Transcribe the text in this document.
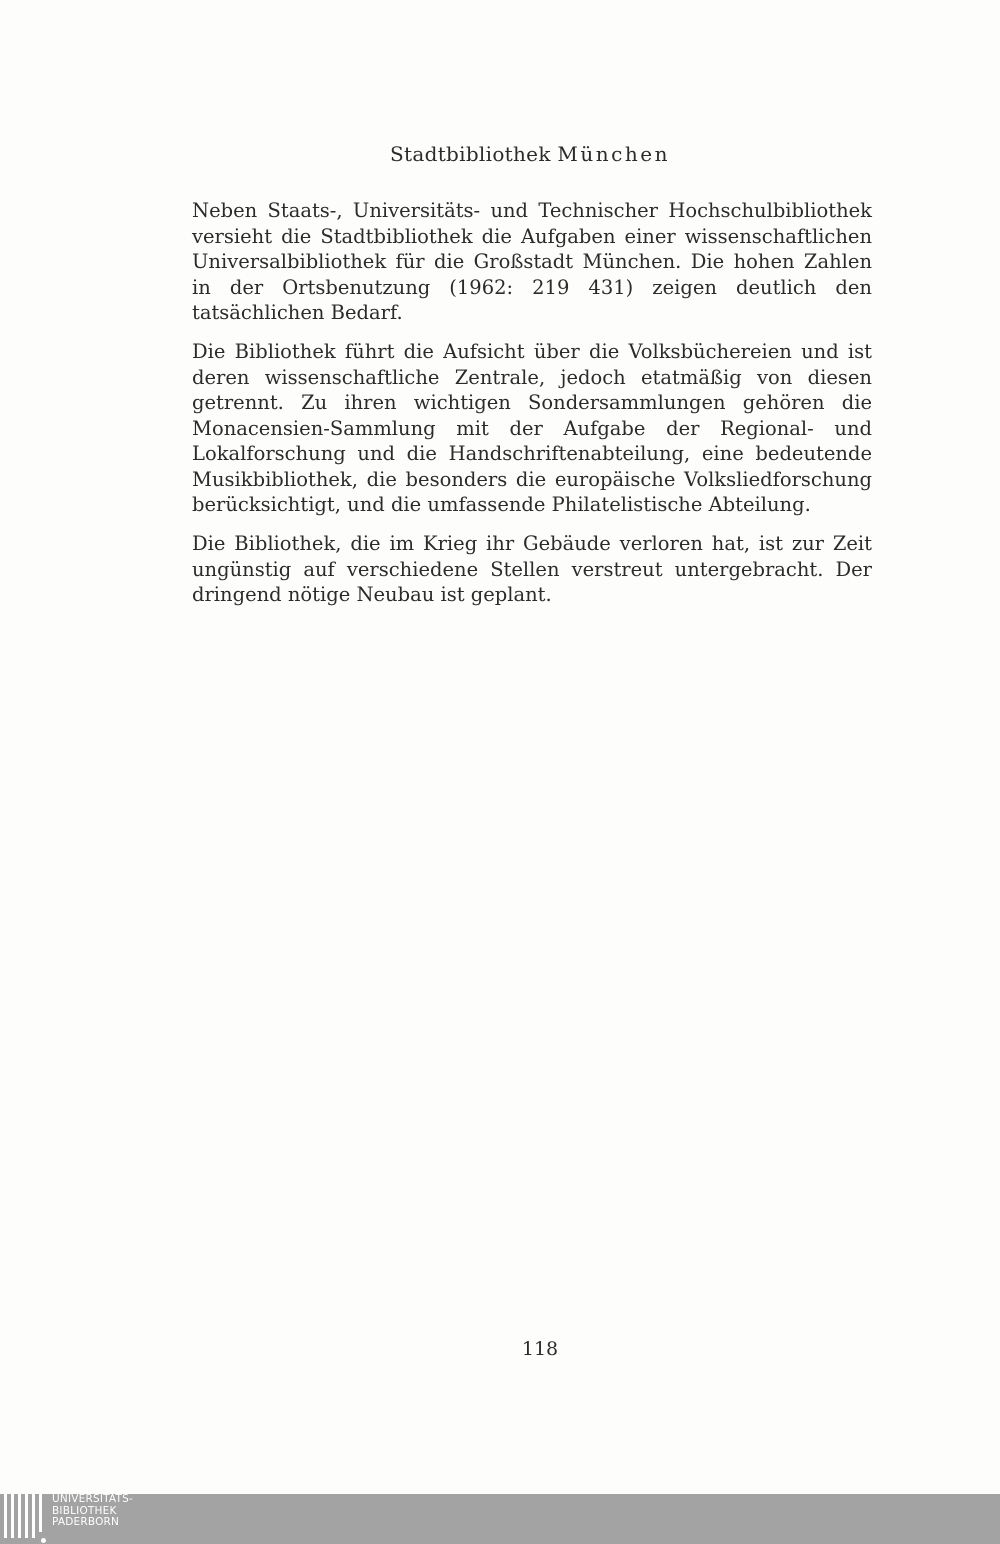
Stadtbibliothek München
Neben Staats-, Universitäts- und Technischer Hochschulbibliothek versieht die Stadtbibliothek die Aufgaben einer wissenschaftlichen Universalbibliothek für die Großstadt München. Die hohen Zahlen in der Ortsbenutzung (1962: 219 431) zeigen deutlich den tatsächlichen Bedarf.
Die Bibliothek führt die Aufsicht über die Volksbüchereien und ist deren wissenschaftliche Zentrale, jedoch etatmäßig von diesen getrennt. Zu ihren wichtigen Sondersammlungen gehören die Monacensien-Sammlung mit der Aufgabe der Regional- und Lokalforschung und die Handschriftenabteilung, eine bedeutende Musikbibliothek, die besonders die europäische Volksliedforschung berücksichtigt, und die umfassende Philatelistische Abteilung.
Die Bibliothek, die im Krieg ihr Gebäude verloren hat, ist zur Zeit ungünstig auf verschiedene Stellen verstreut untergebracht. Der dringend nötige Neubau ist geplant.
118
UNIVERSITÄTS-
BIBLIOTHEK
PADERBORN
